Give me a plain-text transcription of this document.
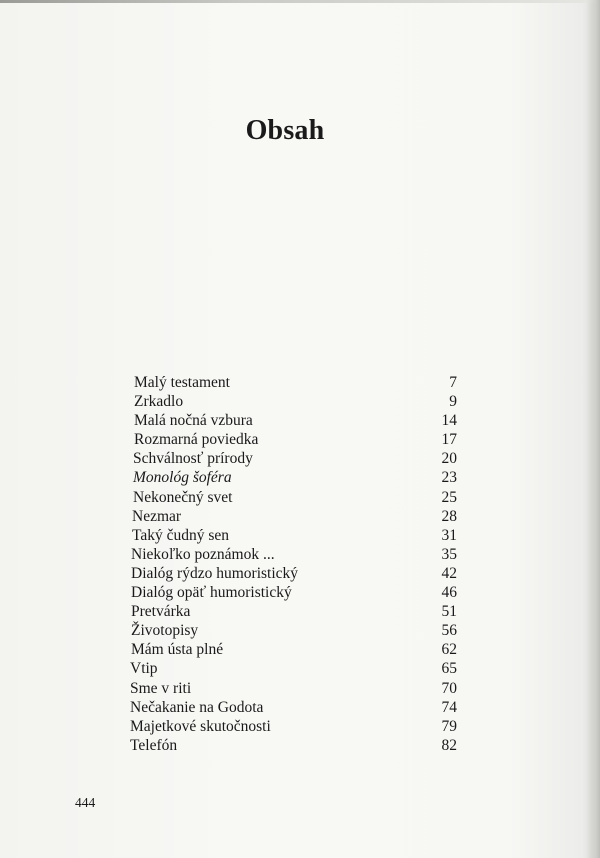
Obsah
Malý testament	7
Zrkadlo	9
Malá nočná vzbura	14
Rozmarná poviedka	17
Schválnosť prírody	20
Monológ šoféra	23
Nekonečný svet	25
Nezmar	28
Taký čudný sen	31
Niekoľko poznámok ...	35
Dialóg rýdzo humoristický	42
Dialóg opäť humoristický	46
Pretvárka	51
Životopisy	56
Mám ústa plné	62
Vtip	65
Sme v riti	70
Nečakanie na Godota	74
Majetkové skutočnosti	79
Telefón	82

444
